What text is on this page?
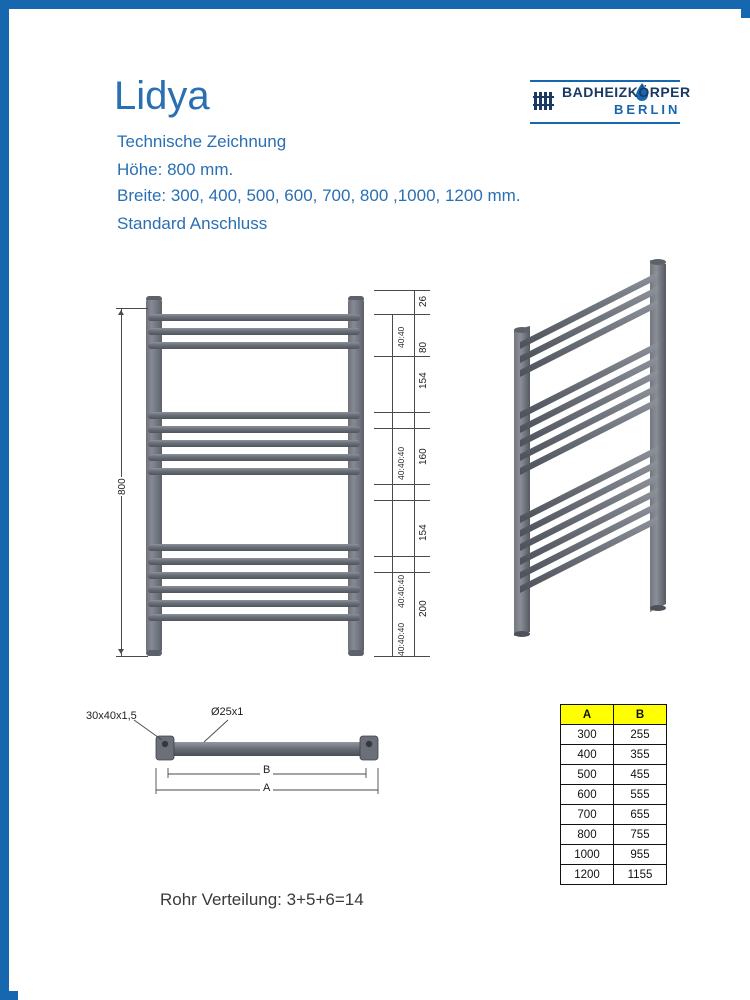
Lidya
Technische Zeichnung
Höhe: 800 mm.
Breite: 300, 400, 500, 600, 700, 800 ,1000, 1200 mm.
Standard Anschluss
BADHEIZKÖRPER
BERLIN
800
26
80
154
160
154
200
40:40
40:40:40
40:40:40
40:40:40
30x40x1,5	Ø25x1
B
A
A	B
300	255
400	355
500	455
600	555
700	655
800	755
1000	955
1200	1155
Rohr Verteilung: 3+5+6=14
